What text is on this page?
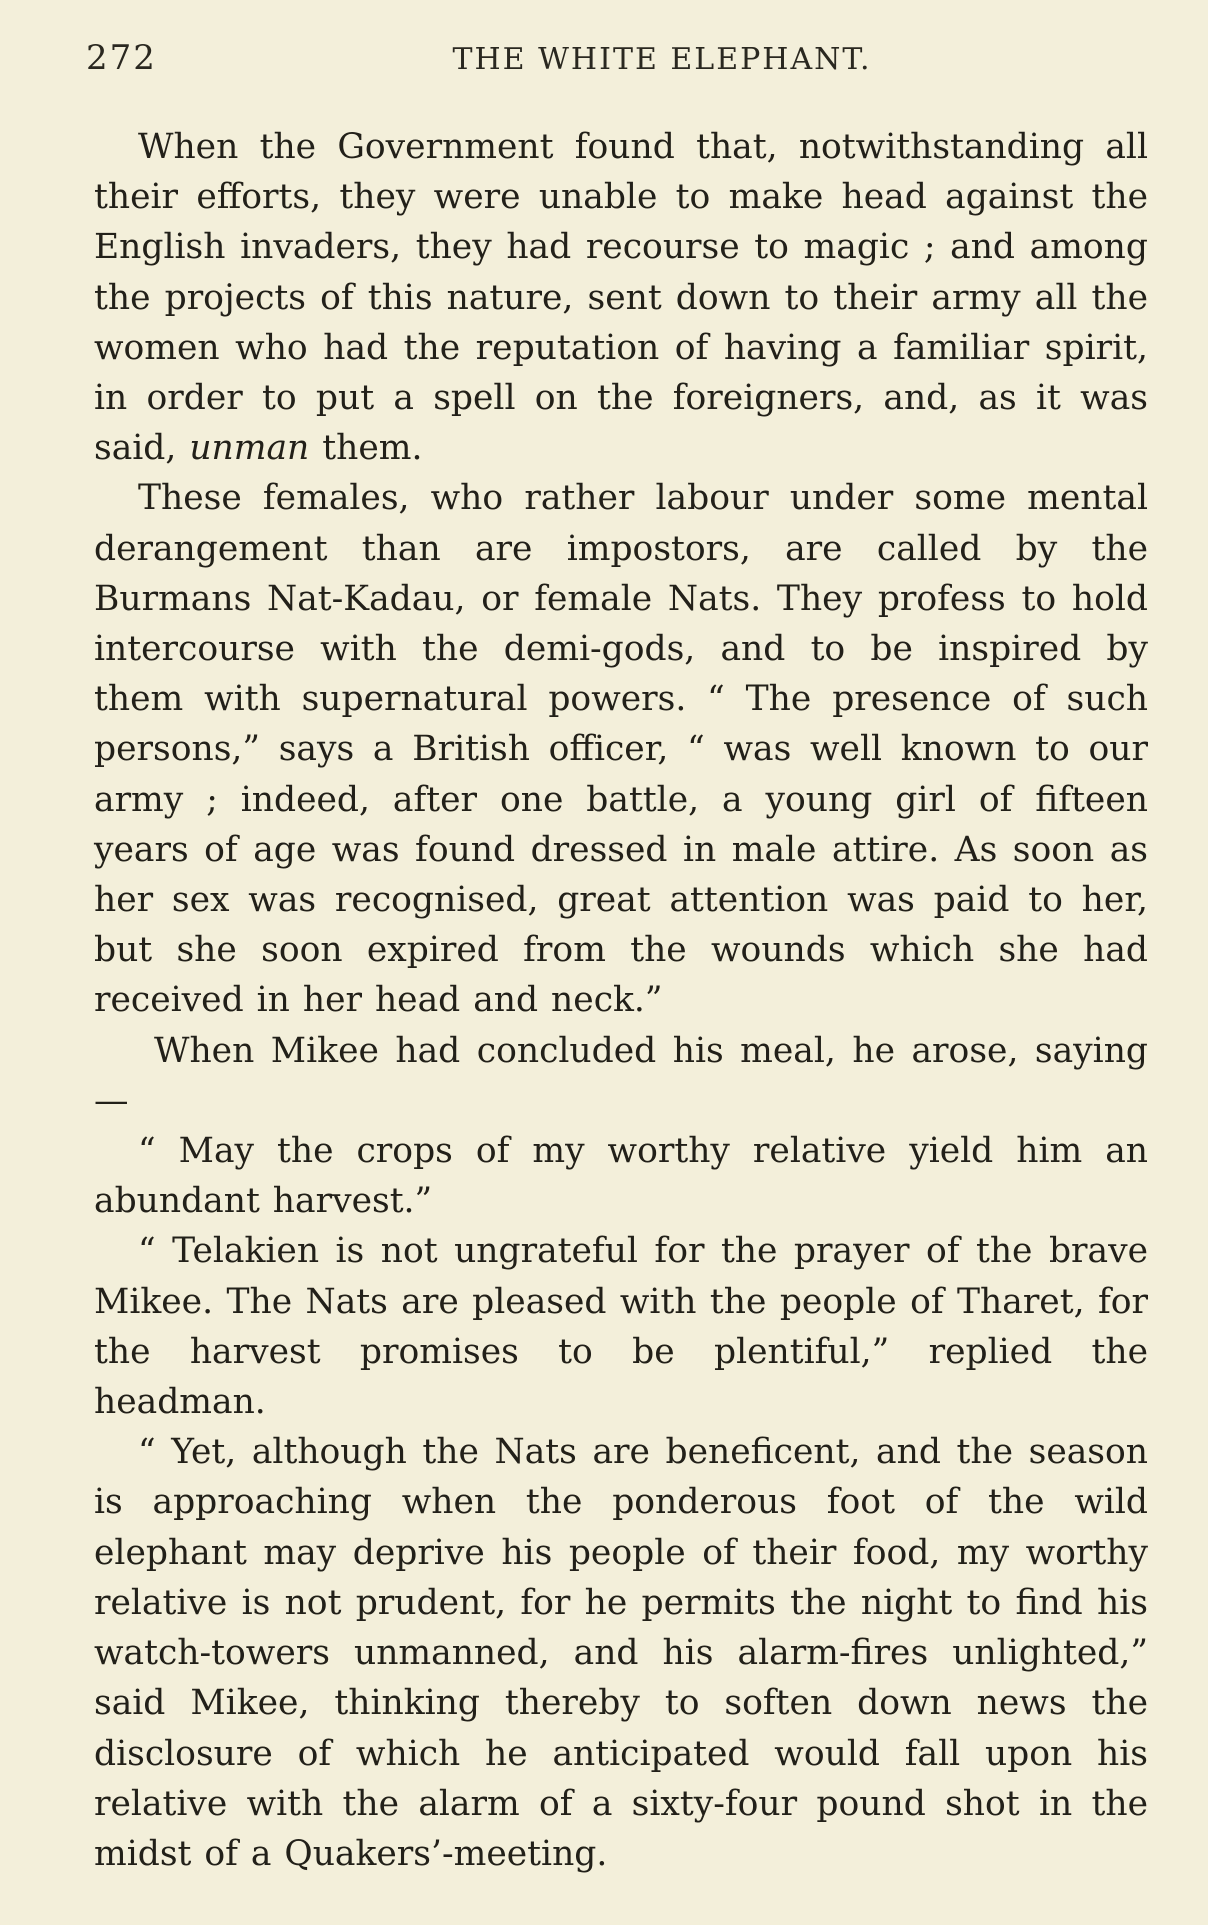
272	THE WHITE ELEPHANT.

When the Government found that, notwithstanding all their efforts, they were unable to make head against the English invaders, they had recourse to magic ; and among the projects of this nature, sent down to their army all the women who had the reputation of having a familiar spirit, in order to put a spell on the foreigners, and, as it was said, unman them.

These females, who rather labour under some mental derangement than are impostors, are called by the Burmans Nat-Kadau, or female Nats. They profess to hold intercourse with the demi-gods, and to be inspired by them with supernatural powers. “ The presence of such persons,” says a British officer, “ was well known to our army ; indeed, after one battle, a young girl of fifteen years of age was found dressed in male attire. As soon as her sex was recognised, great attention was paid to her, but she soon expired from the wounds which she had received in her head and neck.”

When Mikee had concluded his meal, he arose, saying—

“ May the crops of my worthy relative yield him an abundant harvest.”

“ Telakien is not ungrateful for the prayer of the brave Mikee. The Nats are pleased with the people of Tharet, for the harvest promises to be plentiful,” replied the headman.

“ Yet, although the Nats are beneficent, and the season is approaching when the ponderous foot of the wild elephant may deprive his people of their food, my worthy relative is not prudent, for he permits the night to find his watch-towers unmanned, and his alarm-fires unlighted,” said Mikee, thinking thereby to soften down news the disclosure of which he anticipated would fall upon his relative with the alarm of a sixty-four pound shot in the midst of a Quakers’-meeting.
